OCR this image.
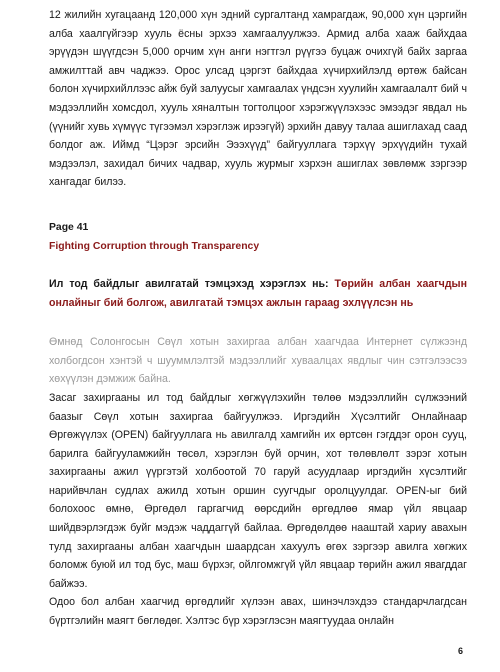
12 жилийн хугацаанд 120,000 хүн эдний сургалтанд хамрагдаж, 90,000 хүн цэргийн алба хаалгүйгээр хууль ёсны эрхээ хамгаалуулжээ. Армид алба хааж байхдаа эрүүдэн шүүгдсэн 5,000 орчим хүн анги нэгтгэл рүүгээ буцаж очихгүй байх заргаа амжилттай авч чаджээ. Орос улсад цэргэт байхдаа хүчирхийлэлд өртөж байсан болон хүчирхийллээс айж буй залуусыг хамгаалах үндсэн хуулийн хамгаалалт бий ч мэдээллийн хомсдол, хууль хяналтын тогтолцоог хэрэгжүүлэхээс эмээдэг явдал нь (үүнийг хувь хүмүүс түгээмэл хэрэглэж ирээгүй) эрхийн давуу талаа ашиглахад саад болдог аж. Иймд “Цэрэг эрсийн Эээхүүд” байгууллага тэрхүү эрхүүдийн тухай мэдээлэл, захидал бичих чадвар, хууль журмыг хэрхэн ашиглах зөвлөмж зэргээр хангадаг билээ.

Page 41
Fighting Corruption through Transparency

Ил тод байдлыг авилгатай тэмцэхэд хэрэглэх нь: Төрийн албан хаагчдын онлайныг бий болгож, авилгатай тэмцэх ажлын гараag эхлүүлсэн нь

Өмнөд Солонгосын Сөүл хотын захиргаа албан хаагчдаа Интернет сүлжээнд холбогдсон хэнтэй ч шууммлэлтэй мэдээллийг хуваалцах явдлыг чин сэтгэлээсээ хөхүүлэн дэмжиж байна.

Засаг захиргааны ил тод байдлыг хөгжүүлэхийн төлөө мэдээллийн сүлжээний баазыг Сөүл хотын захиргаа байгуулжээ. Иргэдийн Хүсэлтийг Онлайнаар Өргөжүүлэх (OPEN) байгууллага нь авилгалд хамгийн их өртсөн гэгддэг орон сууц, барилга байгууламжийн төсөл, хэрэглэн буй орчин, хот төлөвлөлт зэрэг хотын захиргааны ажил үүргэтэй холбоотой 70 гаруй асуудлаар иргэдийн хүсэлтийг нарийвчлан судлах ажилд хотын оршин суугчдыг оролцуулдаг. OPEN-ыг бий болохоос өмнө, Өргөдөл гаргагчид өөрсдийн өргөдлөө ямар үйл явцаар шийдвэрлэгдэж буйг мэдэж чаддаггүй байлаа. Өргөдөлдөө нааштай хариу авахын тулд захиргааны албан хаагчдын шаардсан хахуулъ өгөх зэргээр авилга хөгжих боломж буюй ил тод бус, маш бүрхэг, ойлгомжгүй үйл явцаар төрийн ажил явагддаг байжээ.

Одоо бол албан хаагчид өргөдлийг хүлээн авах, шинэчлэхдээ стандарчлагдсан бүртгэлийн маягт бөглөдөг. Хэлтэс бүр хэрэглэсэн маягтуудаа онлайн

6
